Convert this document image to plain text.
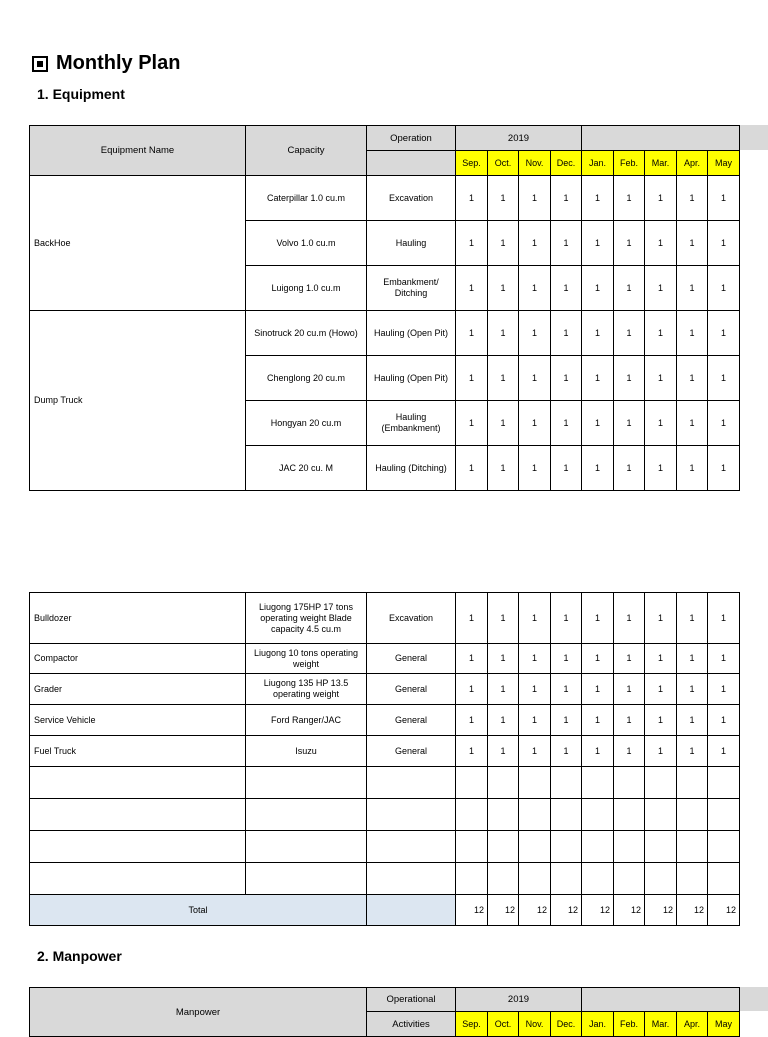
Monthly Plan
1. Equipment
Equipment Name	Capacity	Operation	2019								
			Sep.	Oct.	Nov.	Dec.	Jan.	Feb.	Mar.	Apr.	May
BackHoe	Caterpillar 1.0 cu.m	Excavation	1	1	1	1	1	1	1	1	1
	Volvo 1.0 cu.m	Hauling	1	1	1	1	1	1	1	1	1
	Luigong 1.0 cu.m	Embankment/ Ditching	1	1	1	1	1	1	1	1	1
Dump Truck	Sinotruck 20 cu.m (Howo)	Hauling (Open Pit)	1	1	1	1	1	1	1	1	1
	Chenglong 20 cu.m	Hauling (Open Pit)	1	1	1	1	1	1	1	1	1
	Hongyan 20 cu.m	Hauling (Embankment)	1	1	1	1	1	1	1	1	1
	JAC 20 cu. M	Hauling (Ditching)	1	1	1	1	1	1	1	1	1
Bulldozer	Liugong 175HP 17 tons operating weight Blade capacity 4.5 cu.m	Excavation	1	1	1	1	1	1	1	1	1
Compactor	Liugong 10 tons operating weight	General	1	1	1	1	1	1	1	1	1
Grader	Liugong 135 HP 13.5 operating weight	General	1	1	1	1	1	1	1	1	1
Service Vehicle	Ford Ranger/JAC	General	1	1	1	1	1	1	1	1	1
Fuel Truck	Isuzu	General	1	1	1	1	1	1	1	1	1

Total			12	12	12	12	12	12	12	12	12
2. Manpower
Manpower	Operational	2019								
	Activities	Sep.	Oct.	Nov.	Dec.	Jan.	Feb.	Mar.	Apr.	May
